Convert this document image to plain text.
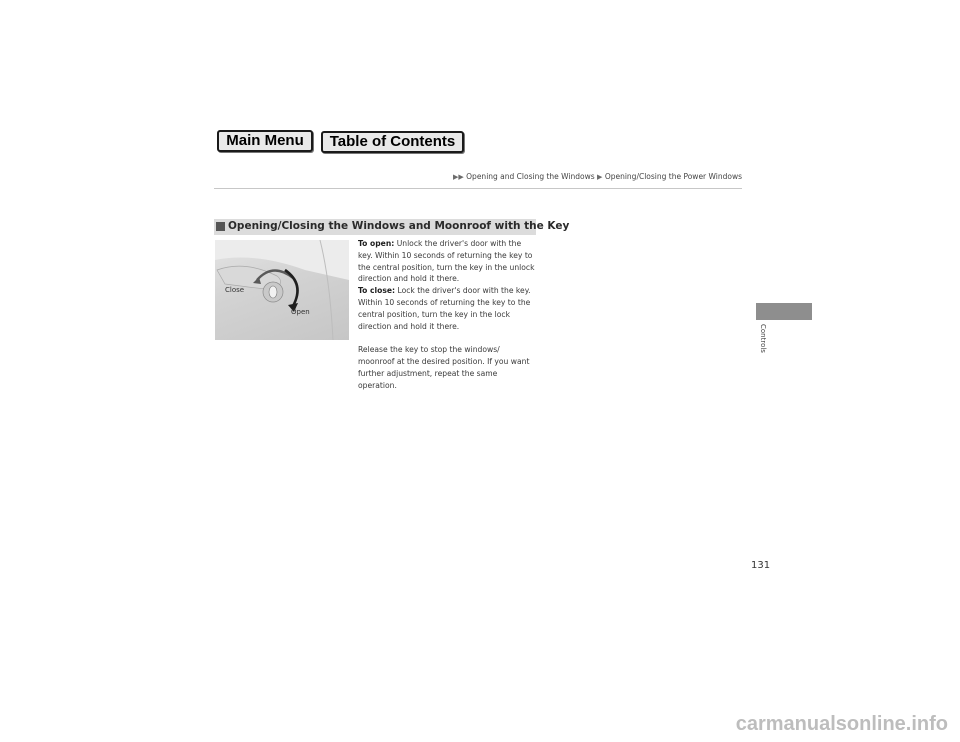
Main Menu	Table of Contents
▶▶ Opening and Closing the Windows ▶ Opening/Closing the Power Windows
Opening/Closing the Windows and Moonroof with the Key
Close
Open

To open: Unlock the driver's door with the key. Within 10 seconds of returning the key to the central position, turn the key in the unlock direction and hold it there.

To close: Lock the driver's door with the key. Within 10 seconds of returning the key to the central position, turn the key in the lock direction and hold it there.

Release the key to stop the windows/ moonroof at the desired position. If you want further adjustment, repeat the same operation.

Controls
131
carmanualsonline.info
